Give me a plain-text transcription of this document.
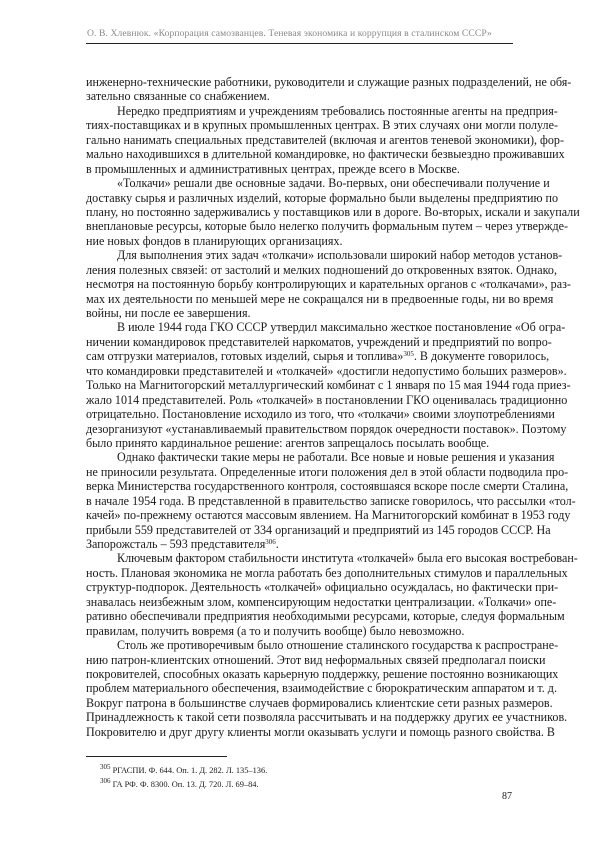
О. В. Хлевнюк. «Корпорация самозванцев. Теневая экономика и коррупция в сталинском СССР»
инженерно-технические работники, руководители и служащие разных подразделений, не обя-
зательно связанные со снабжением.
Нередко предприятиям и учреждениям требовались постоянные агенты на предприя-
тиях-поставщиках и в крупных промышленных центрах. В этих случаях они могли полуле-
гально нанимать специальных представителей (включая и агентов теневой экономики), фор-
мально находившихся в длительной командировке, но фактически безвыездно проживавших
в промышленных и административных центрах, прежде всего в Москве.
«Толкачи» решали две основные задачи. Во-первых, они обеспечивали получение и
доставку сырья и различных изделий, которые формально были выделены предприятию по
плану, но постоянно задерживались у поставщиков или в дороге. Во-вторых, искали и закупали
внеплановые ресурсы, которые было нелегко получить формальным путем – через утвержде-
ние новых фондов в планирующих организациях.
Для выполнения этих задач «толкачи» использовали широкий набор методов установ-
ления полезных связей: от застолий и мелких подношений до откровенных взяток. Однако,
несмотря на постоянную борьбу контролирующих и карательных органов с «толкачами», раз-
мах их деятельности по меньшей мере не сокращался ни в предвоенные годы, ни во время
войны, ни после ее завершения.
В июле 1944 года ГКО СССР утвердил максимально жесткое постановление «Об огра-
ничении командировок представителей наркоматов, учреждений и предприятий по вопро-
сам отгрузки материалов, готовых изделий, сырья и топлива»$^{305}$. В документе говорилось,
что командировки представителей и «толкачей» «достигли недопустимо больших размеров».
Только на Магнитогорский металлургический комбинат с 1 января по 15 мая 1944 года приез-
жало 1014 представителей. Роль «толкачей» в постановлении ГКО оценивалась традиционно
отрицательно. Постановление исходило из того, что «толкачи» своими злоупотреблениями
дезорганизуют «устанавливаемый правительством порядок очередности поставок». Поэтому
было принято кардинальное решение: агентов запрещалось посылать вообще.
Однако фактически такие меры не работали. Все новые и новые решения и указания
не приносили результата. Определенные итоги положения дел в этой области подводила про-
верка Министерства государственного контроля, состоявшаяся вскоре после смерти Сталина,
в начале 1954 года. В представленной в правительство записке говорилось, что рассылки «тол-
качей» по-прежнему остаются массовым явлением. На Магнитогорский комбинат в 1953 году
прибыли 559 представителей от 334 организаций и предприятий из 145 городов СССР. На
Запорожсталь – 593 представителя$^{306}$.
Ключевым фактором стабильности института «толкачей» была его высокая востребован-
ность. Плановая экономика не могла работать без дополнительных стимулов и параллельных
структур-подпорок. Деятельность «толкачей» официально осуждалась, но фактически при-
знавалась неизбежным злом, компенсирующим недостатки централизации. «Толкачи» опе-
ративно обеспечивали предприятия необходимыми ресурсами, которые, следуя формальным
правилам, получить вовремя (а то и получить вообще) было невозможно.
Столь же противоречивым было отношение сталинского государства к распростране-
нию патрон-клиентских отношений. Этот вид неформальных связей предполагал поиски
покровителей, способных оказать карьерную поддержку, решение постоянно возникающих
проблем материального обеспечения, взаимодействие с бюрократическим аппаратом и т. д.
Вокруг патрона в большинстве случаев формировались клиентские сети разных размеров.
Принадлежность к такой сети позволяла рассчитывать и на поддержку других ее участников.
Покровителю и друг другу клиенты могли оказывать услуги и помощь разного свойства. В
$^{305}$ РГАСПИ. Ф. 644. Оп. 1. Д. 282. Л. 135–136.
$^{306}$ ГА РФ. Ф. 8300. Оп. 13. Д. 720. Л. 69–84.
87
